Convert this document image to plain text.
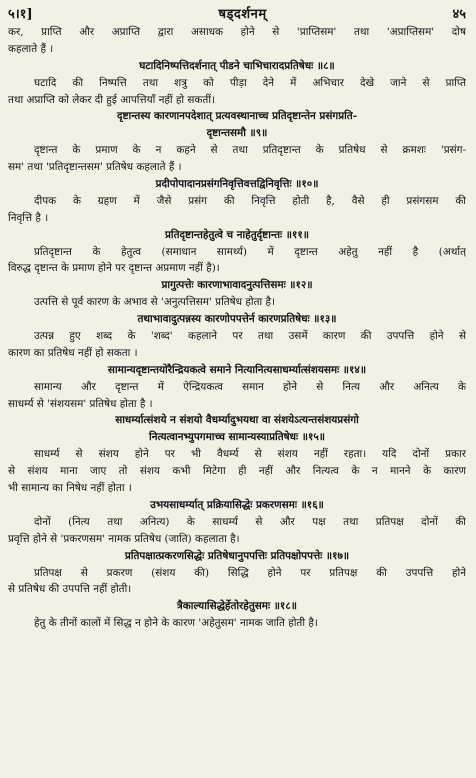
५।१]	षड्‍दर्शनम्	४५
कर, प्राप्ति और अप्राप्ति द्वारा असाधक होने से 'प्राप्तिसम' तथा 'अप्राप्तिसम' दोष
कहलाते हैं ।
घटादिनिष्पत्तिदर्शनात् पीडने चाभिचारादप्रतिषेधः ॥८॥
घटादि की निष्पत्ति तथा शत्रु को पीड़ा देने में अभिचार देखे जाने से प्राप्ति
तथा अप्राप्ति को लेकर दी हुई आपत्तियाँ नहीं हो सकतीं।
दृष्टान्तस्य कारणानपदेशात् प्रत्यवस्थानाच्च प्रतिदृष्टान्तेन प्रसंगप्रति-
दृष्टान्तसमौ ॥९॥
दृष्टान्त के प्रमाण के न कहने से तथा प्रतिदृष्टान्त के प्रतिषेध से क्रमशः 'प्रसंग-
सम' तथा 'प्रतिदृष्टान्तसम' प्रतिषेध कहलाते हैं ।
प्रदीपोपादानप्रसंगनिवृत्तिवत्तद्विनिवृत्तिः ॥१०॥
दीपक के ग्रहण में जैसे प्रसंग की निवृत्ति होती है, वैसे ही प्रसंगसम की
निवृत्ति है ।
प्रतिदृष्टान्तहेतुत्वे च नाहेतुर्दृष्टान्तः ॥११॥
प्रतिदृष्टान्त के हेतुत्व (समाधान सामर्थ्य) में दृष्टान्त अहेतु नहीं है (अर्थात्
विरुद्ध दृष्टान्त के प्रमाण होने पर दृष्टान्त अप्रमाण नहीं है)।
प्रागुत्पत्तेः कारणाभावादनुत्पत्तिसमः ॥१२॥
उत्पत्ति से पूर्व कारण के अभाव से 'अनुत्पत्तिसम' प्रतिषेध होता है।
तथाभावादुत्पन्नस्य कारणोपपत्तेर्न कारणप्रतिषेधः ॥१३॥
उत्पन्न हुए शब्द के 'शब्द' कहलाने पर तथा उसमें कारण की उपपत्ति होने से
कारण का प्रतिषेध नहीं हो सकता ।
सामान्यदृष्टान्तयोरैन्द्रियकत्वे समाने नित्यानित्यसाधर्म्यात्संशयसमः ॥१४॥
सामान्य और दृष्टान्त में ऐन्द्रियकत्व समान होने से नित्य और अनित्य के
साधर्म्य से 'संशयसम' प्रतिषेध होता है ।
साधर्म्यात्संशये न संशयो वैधर्म्यादुभयथा वा संशयेऽत्यन्तसंशयप्रसंगो
नित्यत्वानभ्युपगमाच्च सामान्यस्याप्रतिषेधः ॥१५॥
साधर्म्य से संशय होने पर भी वैधर्म्य से संशय नहीं रहता। यदि दोनों प्रकार
से संशय माना जाए तो संशय कभी मिटेगा ही नहीं और नित्यत्व के न मानने के कारण
भी सामान्य का निषेध नहीं होता ।
उभयसाधर्म्यात् प्रक्रियासिद्धेः प्रकरणसमः ॥१६॥
दोनों (नित्य तथा अनित्य) के साधर्म्य से और पक्ष तथा प्रतिपक्ष दोनों की
प्रवृत्ति होने से 'प्रकरणसम' नामक प्रतिषेध (जाति) कहलाता है।
प्रतिपक्षात्प्रकरणसिद्धेः प्रतिषेधानुपपत्तिः प्रतिपक्षोपपत्तेः ॥१७॥
प्रतिपक्ष से प्रकरण (संशय की) सिद्धि होने पर प्रतिपक्ष की उपपत्ति होने
से प्रतिषेध की उपपत्ति नहीं होती।
त्रैकाल्यासिद्धेर्हेतोरहेतुसमः ॥१८॥
हेतु के तीनों कालों में सिद्ध न होने के कारण 'अहेतुसम' नामक जाति होती है।
